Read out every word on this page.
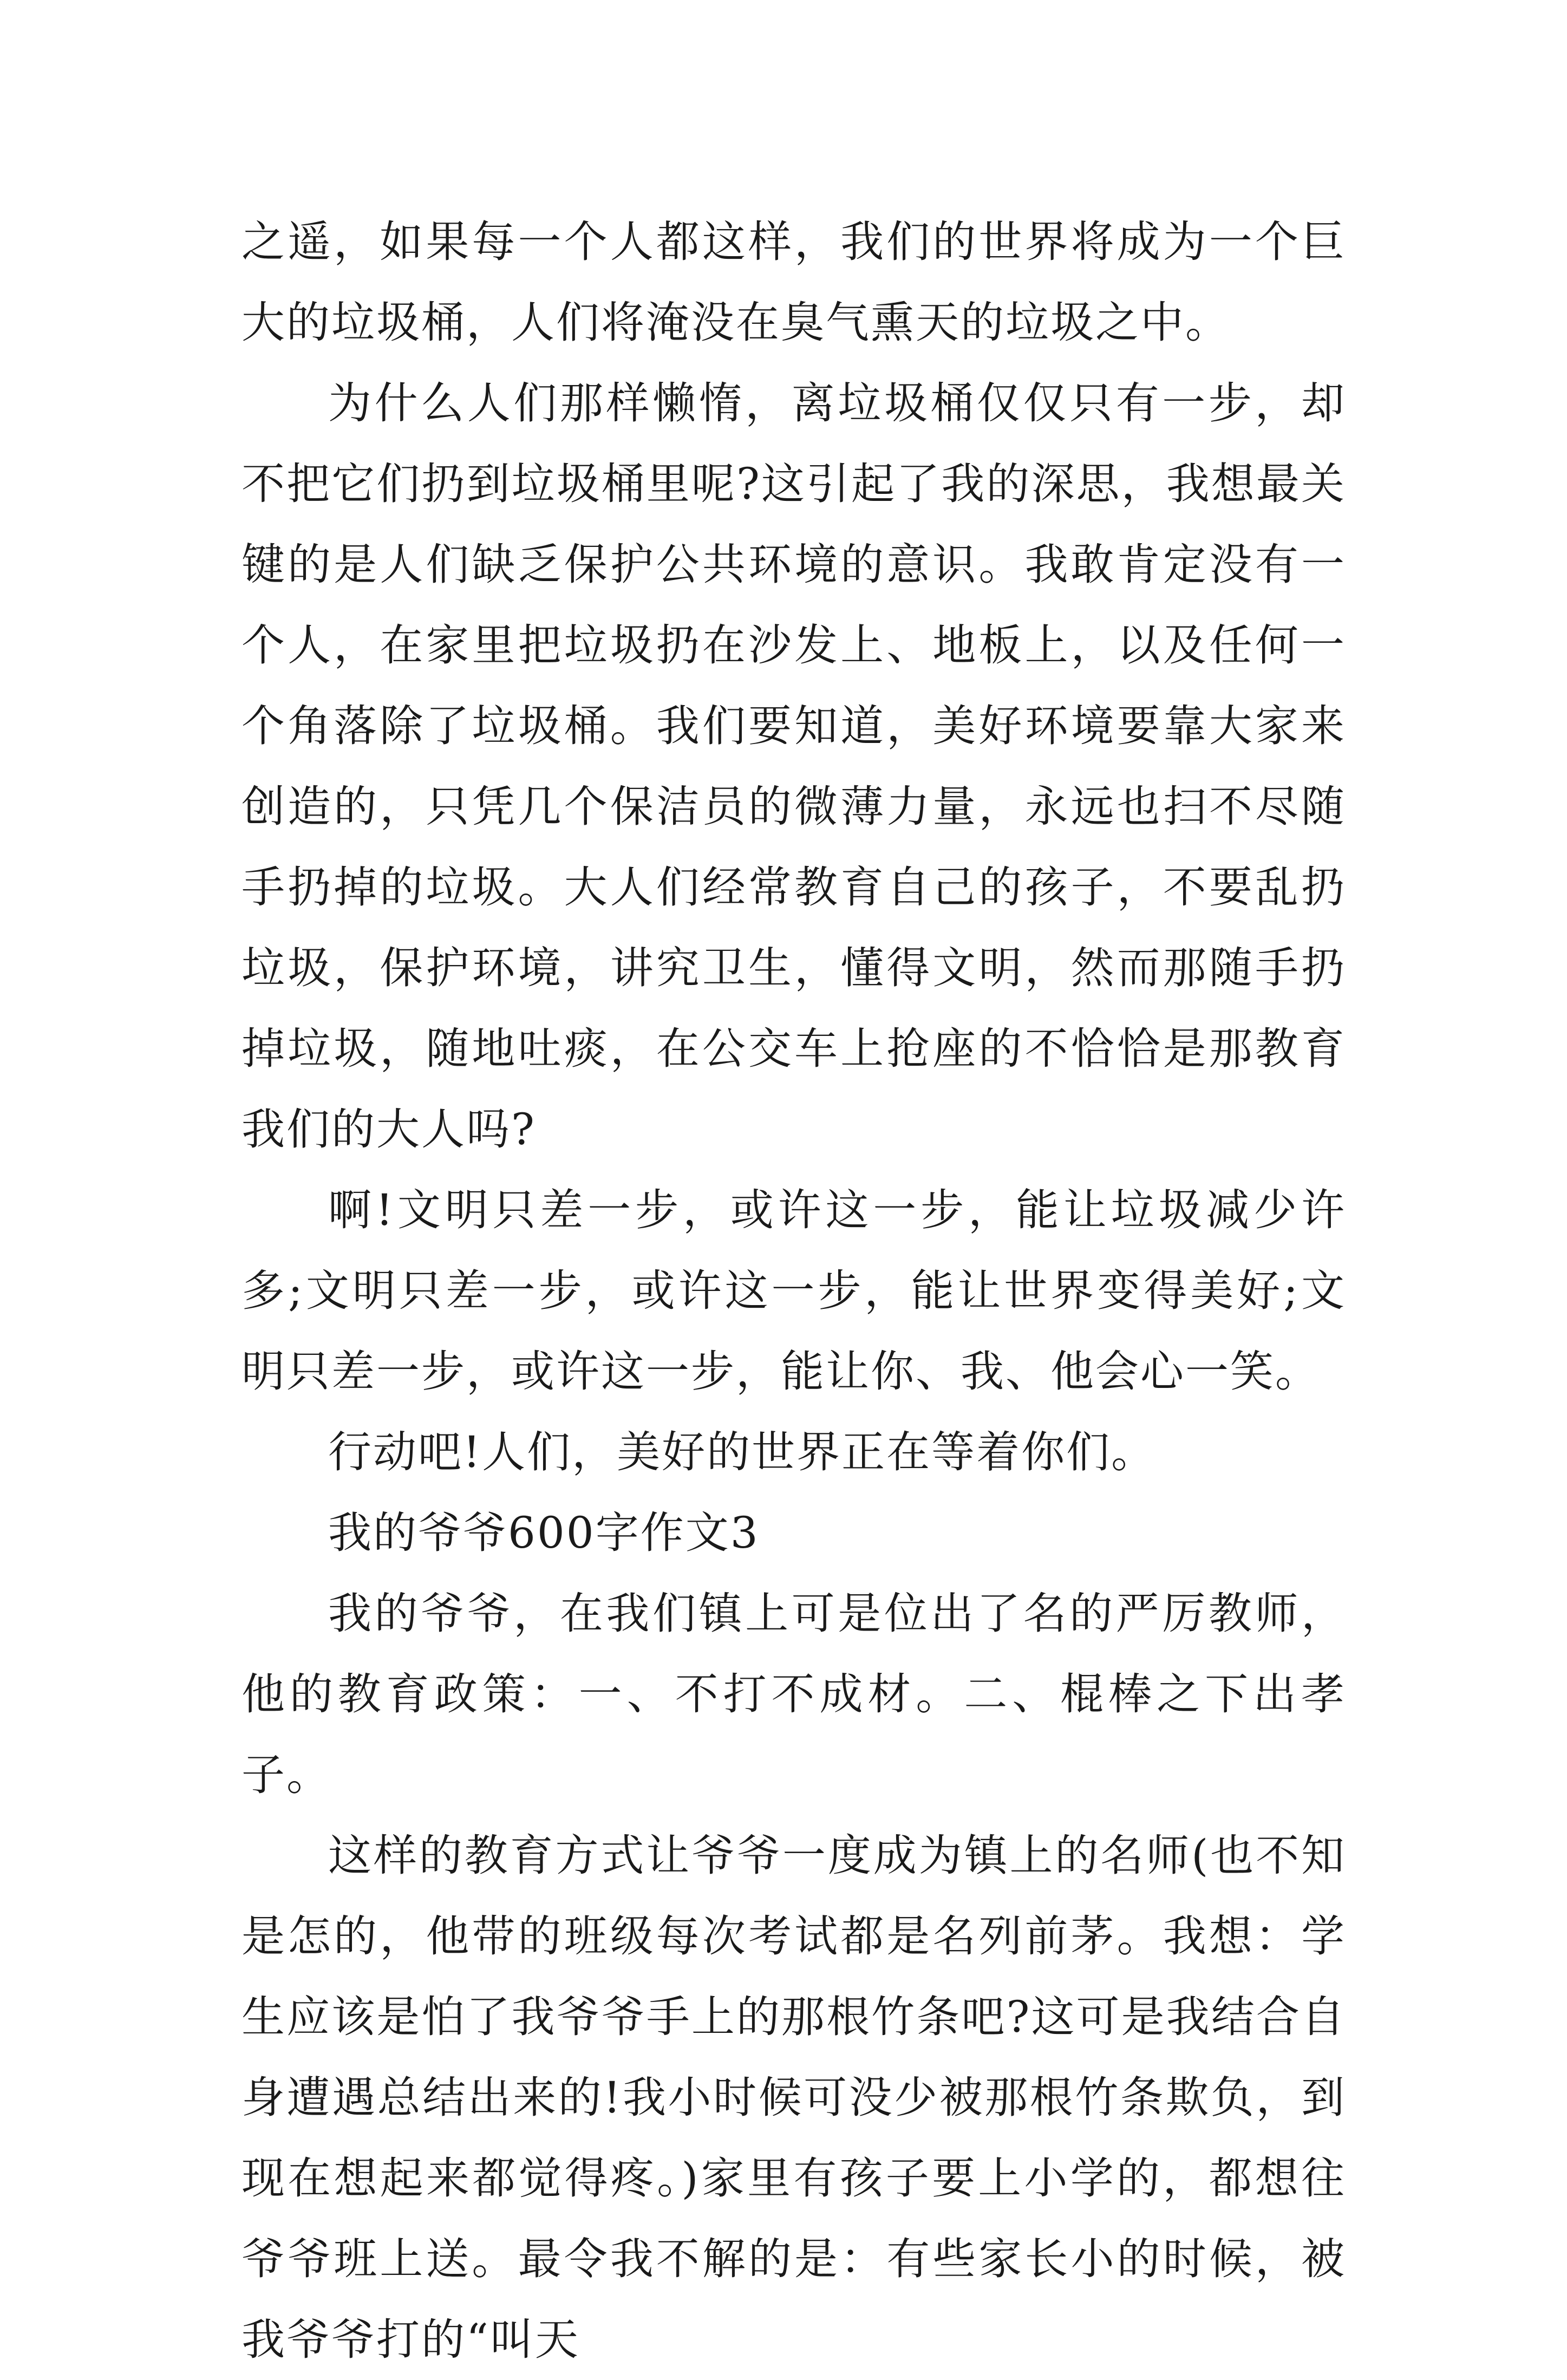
之遥，如果每一个人都这样，我们的世界将成为一个巨大的垃圾桶，人们将淹没在臭气熏天的垃圾之中。

为什么人们那样懒惰，离垃圾桶仅仅只有一步，却不把它们扔到垃圾桶里呢?这引起了我的深思，我想最关键的是人们缺乏保护公共环境的意识。我敢肯定没有一个人，在家里把垃圾扔在沙发上、地板上，以及任何一个角落除了垃圾桶。我们要知道，美好环境要靠大家来创造的，只凭几个保洁员的微薄力量，永远也扫不尽随手扔掉的垃圾。大人们经常教育自己的孩子，不要乱扔垃圾，保护环境，讲究卫生，懂得文明，然而那随手扔掉垃圾，随地吐痰，在公交车上抢座的不恰恰是那教育我们的大人吗?

啊!文明只差一步，或许这一步，能让垃圾减少许多;文明只差一步，或许这一步，能让世界变得美好;文明只差一步，或许这一步，能让你、我、他会心一笑。

行动吧!人们，美好的世界正在等着你们。

我的爷爷600字作文3

我的爷爷，在我们镇上可是位出了名的严厉教师，他的教育政策：一、不打不成材。二、棍棒之下出孝子。

这样的教育方式让爷爷一度成为镇上的名师(也不知是怎的，他带的班级每次考试都是名列前茅。我想：学生应该是怕了我爷爷手上的那根竹条吧?这可是我结合自身遭遇总结出来的!我小时候可没少被那根竹条欺负，到现在想起来都觉得疼。)家里有孩子要上小学的，都想往爷爷班上送。最令我不解的是：有些家长小的时候，被我爷爷打的“叫天
